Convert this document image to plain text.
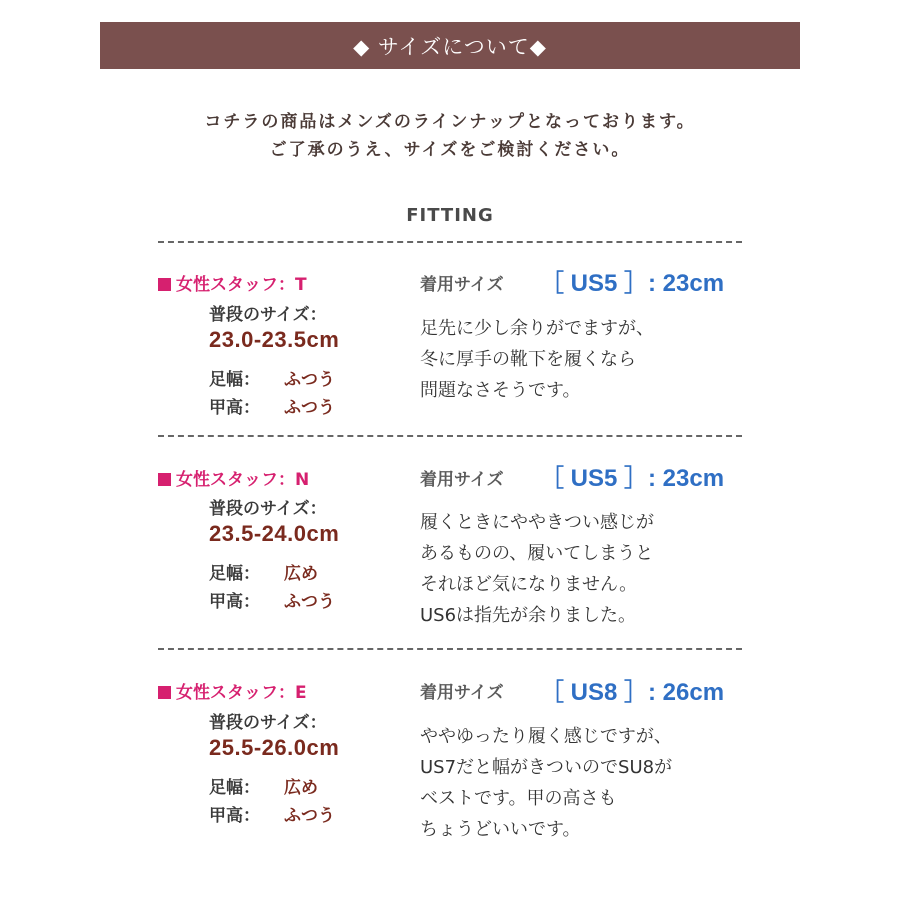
◆ サイズについて◆
コチラの商品はメンズのラインナップとなっております。
ご了承のうえ、サイズをご検討ください。
FITTING
女性スタッフ：T
普段のサイズ：
23.0-23.5cm
足幅： ふつう
甲高： ふつう
着用サイズ ［ US5 ］: 23cm
足先に少し余りがでますが、
冬に厚手の靴下を履くなら
問題なさそうです。
女性スタッフ：N
普段のサイズ：
23.5-24.0cm
足幅： 広め
甲高： ふつう
着用サイズ ［ US5 ］: 23cm
履くときにややきつい感じが
あるものの、履いてしまうと
それほど気になりません。
US6は指先が余りました。
女性スタッフ：E
普段のサイズ：
25.5-26.0cm
足幅： 広め
甲高： ふつう
着用サイズ ［ US8 ］: 26cm
ややゆったり履く感じですが、
US7だと幅がきついのでSU8が
ベストです。甲の高さも
ちょうどいいです。
